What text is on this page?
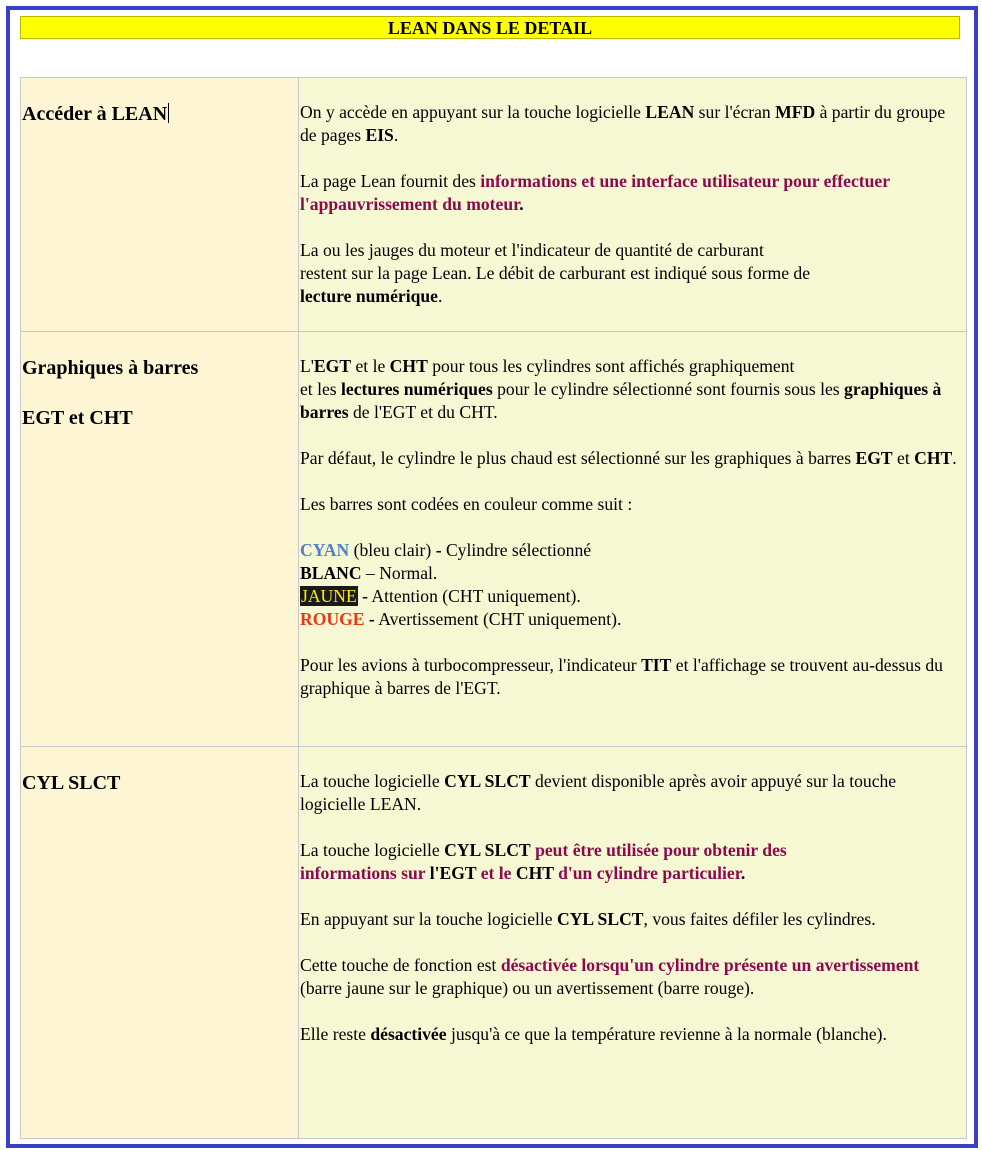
LEAN DANS LE DETAIL

Accéder à LEAN	On y accède en appuyant sur la touche logicielle LEAN sur l'écran MFD à partir du groupe de pages EIS.

La page Lean fournit des informations et une interface utilisateur pour effectuer l'appauvrissement du moteur.

La ou les jauges du moteur et l'indicateur de quantité de carburant
restent sur la page Lean. Le débit de carburant est indiqué sous forme de
lecture numérique.

Graphiques à barres

EGT et CHT

L'EGT et le CHT pour tous les cylindres sont affichés graphiquement
et les lectures numériques pour le cylindre sélectionné sont fournis sous les graphiques à barres de l'EGT et du CHT.

Par défaut, le cylindre le plus chaud est sélectionné sur les graphiques à barres EGT et CHT.

Les barres sont codées en couleur comme suit :

CYAN (bleu clair) - Cylindre sélectionné
BLANC – Normal.
JAUNE - Attention (CHT uniquement).
ROUGE - Avertissement (CHT uniquement).

Pour les avions à turbocompresseur, l'indicateur TIT et l'affichage se trouvent au-dessus du graphique à barres de l'EGT.

CYL SLCT	La touche logicielle CYL SLCT devient disponible après avoir appuyé sur la touche logicielle LEAN.

La touche logicielle CYL SLCT peut être utilisée pour obtenir des
informations sur l'EGT et le CHT d'un cylindre particulier.

En appuyant sur la touche logicielle CYL SLCT, vous faites défiler les cylindres.

Cette touche de fonction est désactivée lorsqu'un cylindre présente un avertissement (barre jaune sur le graphique) ou un avertissement (barre rouge).

Elle reste désactivée jusqu'à ce que la température revienne à la normale (blanche).
